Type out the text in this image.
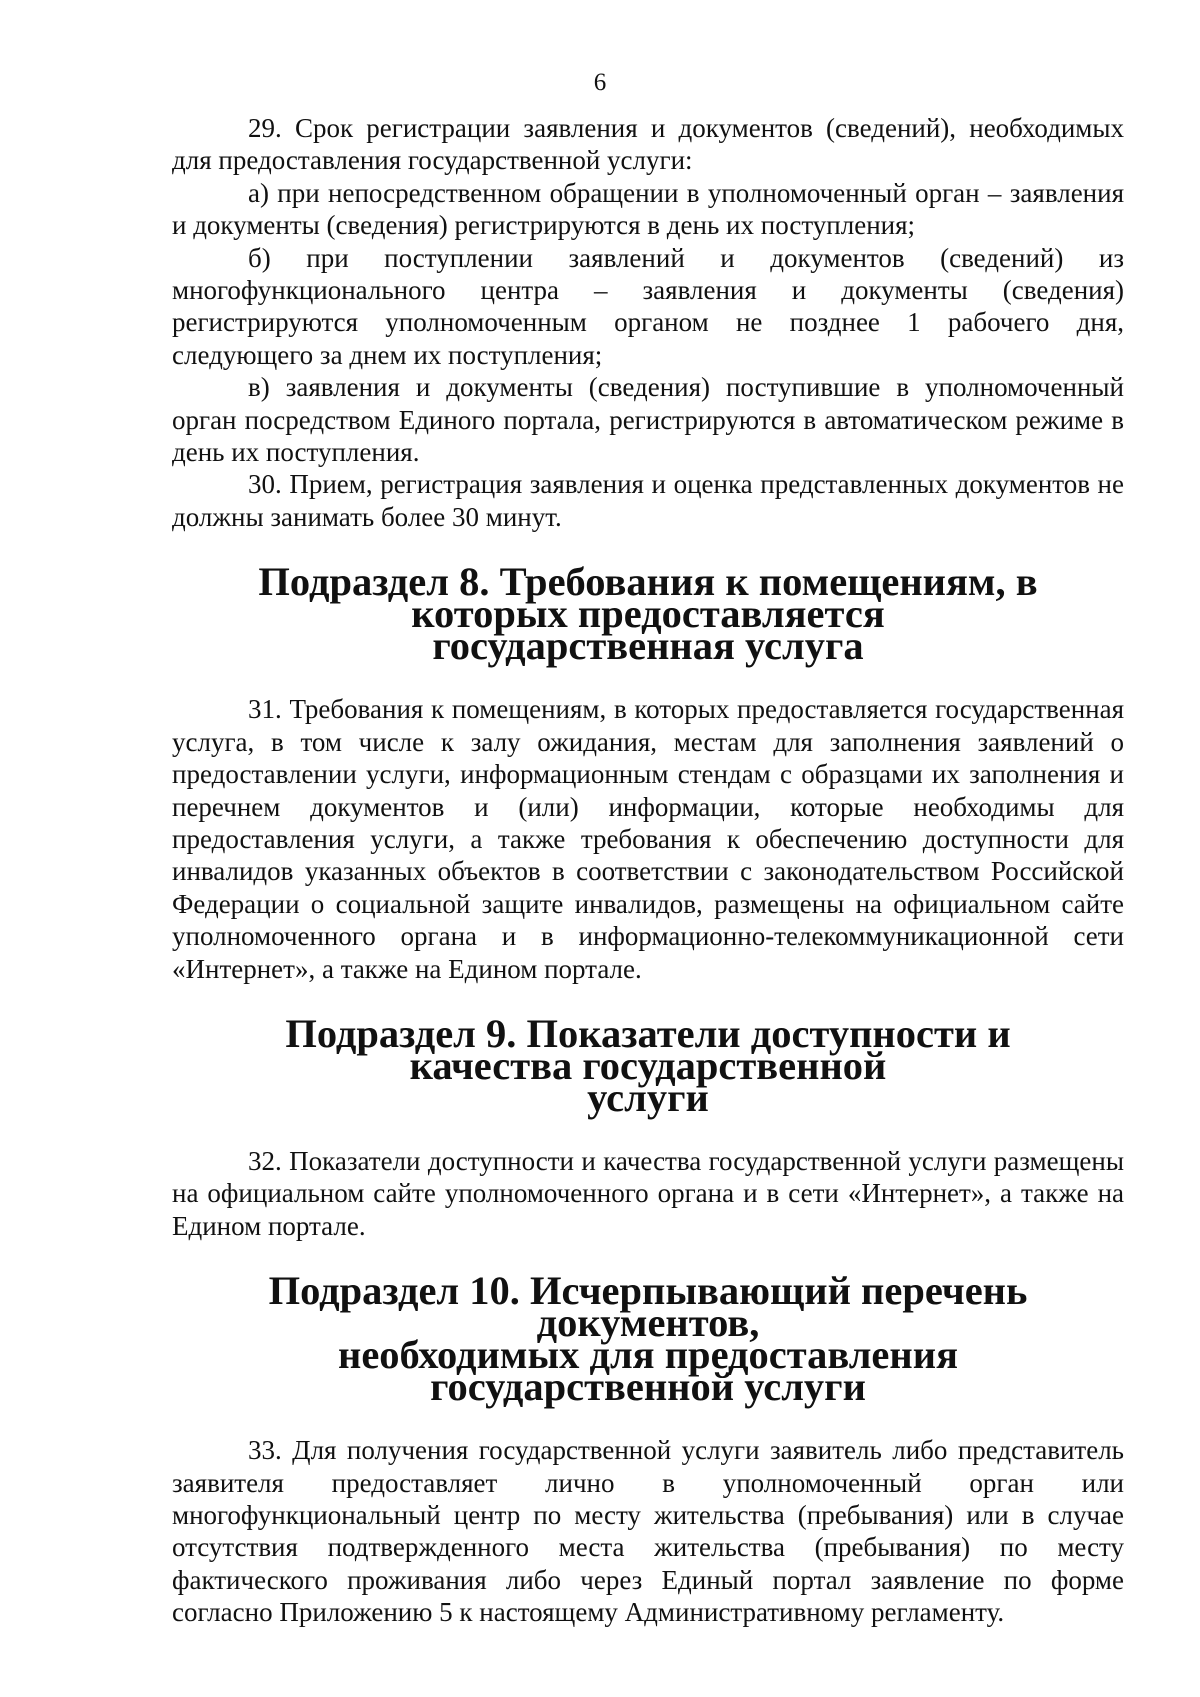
6

29. Срок регистрации заявления и документов (сведений), необходимых для предоставления государственной услуги:

а) при непосредственном обращении в уполномоченный орган – заявления и документы (сведения) регистрируются в день их поступления;

б) при поступлении заявлений и документов (сведений) из многофункционального центра – заявления и документы (сведения) регистрируются уполномоченным органом не позднее 1 рабочего дня, следующего за днем их поступления;

в) заявления и документы (сведения) поступившие в уполномоченный орган посредством Единого портала, регистрируются в автоматическом режиме в день их поступления.

30. Прием, регистрация заявления и оценка представленных документов не должны занимать более 30 минут.

Подраздел 8. Требования к помещениям, в которых предоставляется
государственная услуга

31. Требования к помещениям, в которых предоставляется государственная услуга, в том числе к залу ожидания, местам для заполнения заявлений о предоставлении услуги, информационным стендам с образцами их заполнения и перечнем документов и (или) информации, которые необходимы для предоставления услуги, а также требования к обеспечению доступности для инвалидов указанных объектов в соответствии с законодательством Российской Федерации о социальной защите инвалидов, размещены на официальном сайте уполномоченного органа и в информационно-телекоммуникационной сети «Интернет», а также на Едином портале.

Подраздел 9. Показатели доступности и качества государственной
услуги

32. Показатели доступности и качества государственной услуги размещены на официальном сайте уполномоченного органа и в сети «Интернет», а также на Едином портале.

Подраздел 10. Исчерпывающий перечень документов,
необходимых для предоставления государственной услуги

33. Для получения государственной услуги заявитель либо представитель заявителя предоставляет лично в уполномоченный орган или многофункциональный центр по месту жительства (пребывания) или в случае отсутствия подтвержденного места жительства (пребывания) по месту фактического проживания либо через Единый портал заявление по форме согласно Приложению 5 к настоящему Административному регламенту.
